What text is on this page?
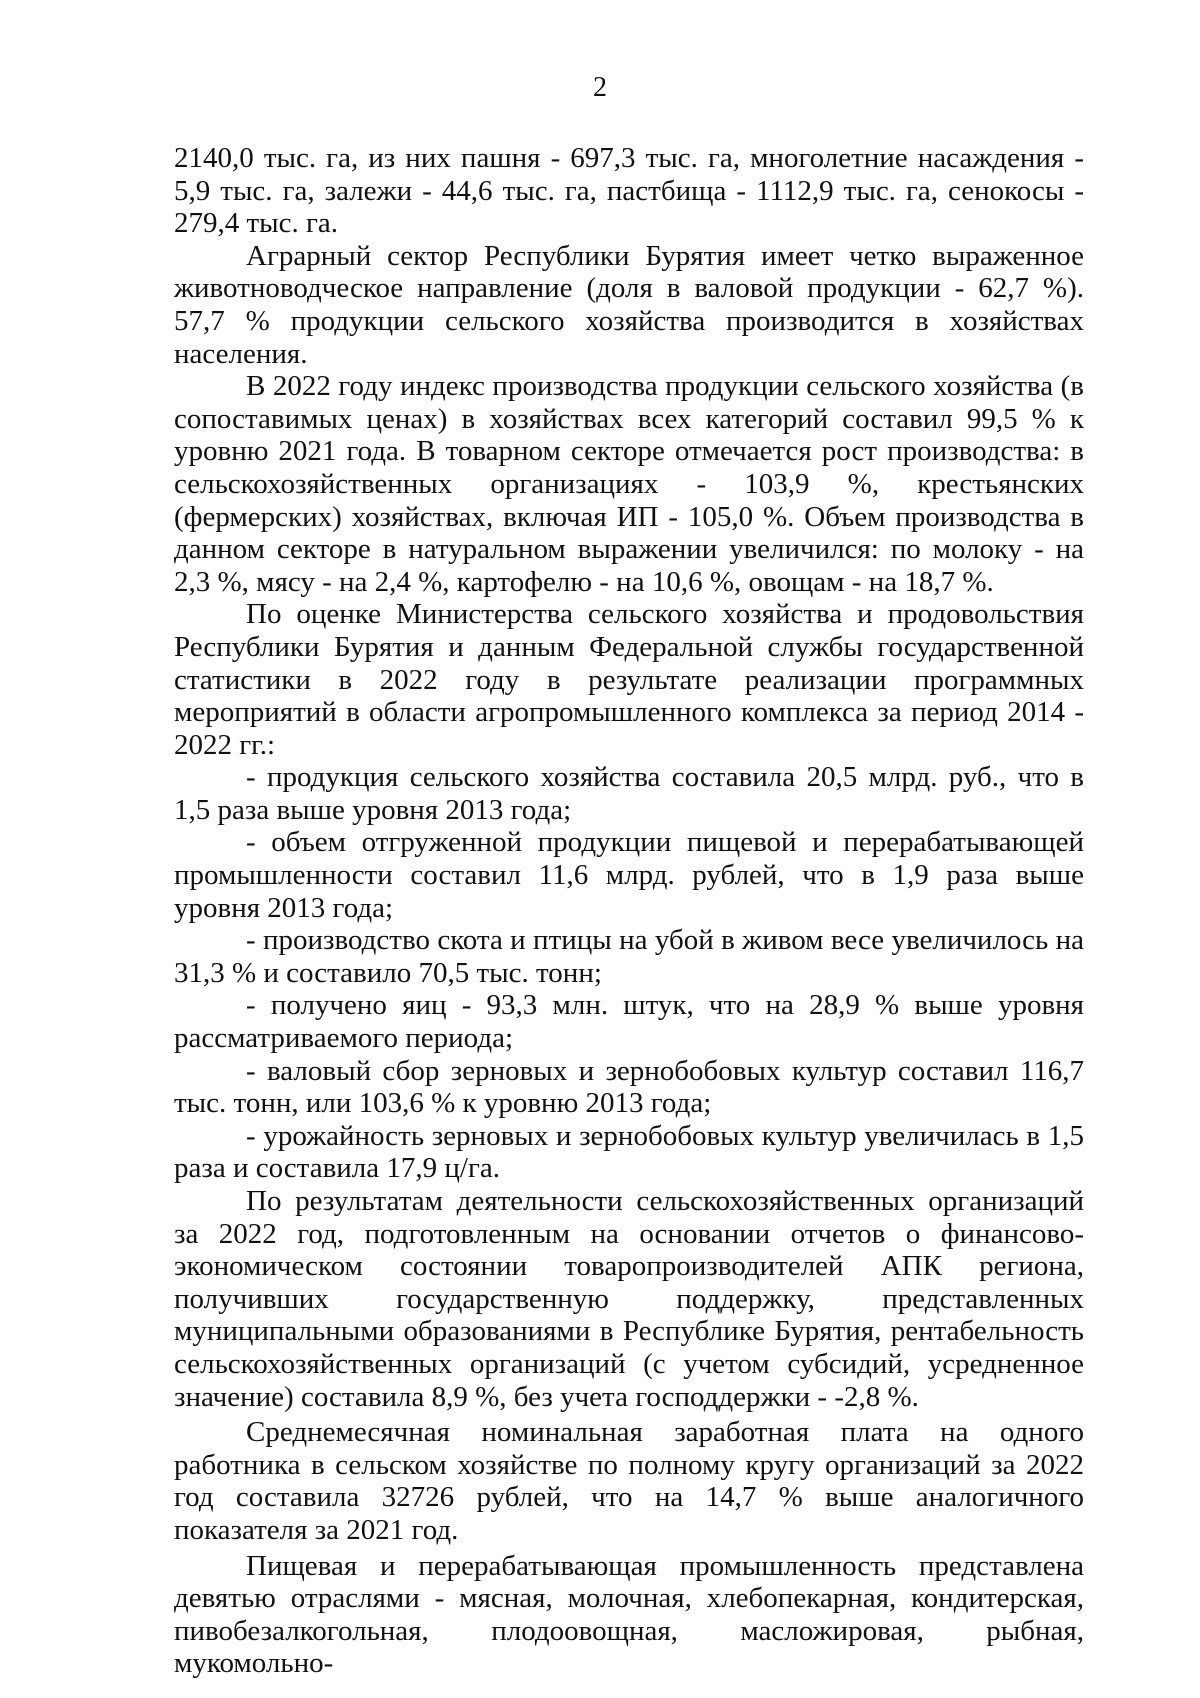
2

2140,0 тыс. га, из них пашня - 697,3 тыс. га, многолетние насаждения - 5,9 тыс. га, залежи - 44,6 тыс. га, пастбища - 1112,9 тыс. га, сенокосы - 279,4 тыс. га.

Аграрный сектор Республики Бурятия имеет четко выраженное животноводческое направление (доля в валовой продукции - 62,7 %). 57,7 % продукции сельского хозяйства производится в хозяйствах населения.

В 2022 году индекс производства продукции сельского хозяйства (в сопоставимых ценах) в хозяйствах всех категорий составил 99,5 % к уровню 2021 года. В товарном секторе отмечается рост производства: в сельскохозяйственных организациях - 103,9 %, крестьянских (фермерских) хозяйствах, включая ИП - 105,0 %. Объем производства в данном секторе в натуральном выражении увеличился: по молоку - на 2,3 %, мясу - на 2,4 %, картофелю - на 10,6 %, овощам - на 18,7 %.

По оценке Министерства сельского хозяйства и продовольствия Республики Бурятия и данным Федеральной службы государственной статистики в 2022 году в результате реализации программных мероприятий в области агропромышленного комплекса за период 2014 - 2022 гг.:

- продукция сельского хозяйства составила 20,5 млрд. руб., что в 1,5 раза выше уровня 2013 года;

- объем отгруженной продукции пищевой и перерабатывающей промышленности составил 11,6 млрд. рублей, что в 1,9 раза выше уровня 2013 года;

- производство скота и птицы на убой в живом весе увеличилось на 31,3 % и составило 70,5 тыс. тонн;

- получено яиц - 93,3 млн. штук, что на 28,9 % выше уровня рассматриваемого периода;

- валовый сбор зерновых и зернобобовых культур составил 116,7 тыс. тонн, или 103,6 % к уровню 2013 года;

- урожайность зерновых и зернобобовых культур увеличилась в 1,5 раза и составила 17,9 ц/га.

По результатам деятельности сельскохозяйственных организаций за 2022 год, подготовленным на основании отчетов о финансово-экономическом состоянии товаропроизводителей АПК региона, получивших государственную поддержку, представленных муниципальными образованиями в Республике Бурятия, рентабельность сельскохозяйственных организаций (с учетом субсидий, усредненное значение) составила 8,9 %, без учета господдержки - -2,8 %.

Среднемесячная номинальная заработная плата на одного работника в сельском хозяйстве по полному кругу организаций за 2022 год составила 32726 рублей, что на 14,7 % выше аналогичного показателя за 2021 год.

Пищевая и перерабатывающая промышленность представлена девятью отраслями - мясная, молочная, хлебопекарная, кондитерская, пивобезалкогольная, плодоовощная, масложировая, рыбная, мукомольно-
